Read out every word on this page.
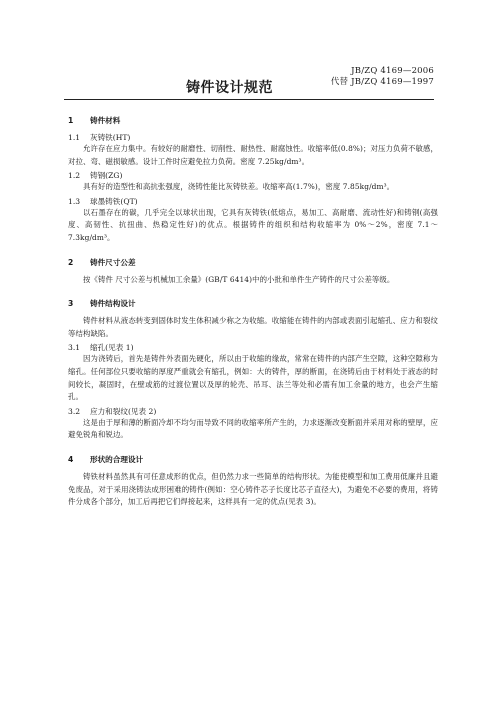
JB/ZQ 4169—2006
代替 JB/ZQ 4169—1997
铸件设计规范
1 铸件材料
1.1 灰铸铁(HT)
允许存在应力集中。有较好的耐磨性、切削性、耐热性、耐腐蚀性。收缩率低(0.8%)；对压力负荷不敏感，对拉、弯、磁损敏感。设计工件时应避免拉力负荷。密度 7.25kg/dm³。
1.2 铸钢(ZG)
具有好的造型性和高抗张强度，浇铸性能比灰铸铁差。收缩率高(1.7%)，密度 7.85kg/dm³。
1.3 球墨铸铁(QT)
以石墨存在的碳，几乎完全以球状出现，它具有灰铸铁(低熔点，易加工、高耐磨、流动性好)和铸钢(高强度、高韧性、抗扭曲、热稳定性好)的优点。根据铸件的组织和结构收缩率为 0%～2%，密度 7.1～7.3kg/dm³。
2 铸件尺寸公差
按《铸件 尺寸公差与机械加工余量》(GB/T 6414)中的小批和单件生产铸件的尺寸公差等级。
3 铸件结构设计
铸件材料从液态转变到固体时发生体积减少称之为收缩。收缩能在铸件的内部或表面引起缩孔、应力和裂纹等结构缺陷。
3.1 缩孔(见表 1)
因为浇铸后，首先是铸件外表面先硬化，所以由于收缩的缘故，常常在铸件的内部产生空隙，这种空隙称为缩孔。任何部位只要收缩的厚度严重就会有缩孔，例如：大的铸件，厚的断面，在浇铸后由于材料处于液态的时间较长，凝固时，在壁或筋的过渡位置以及厚的轮壳、吊耳、法兰等处和必需有加工余量的地方，也会产生缩孔。
3.2 应力和裂纹(见表 2)
这是由于厚和薄的断面冷却不均匀而导致不同的收缩率所产生的，力求逐渐改变断面并采用对称的壁厚，应避免锐角和锐边。
4 形状的合理设计
铸铁材料虽然具有可任意成形的优点，但仍然力求一些简单的结构形状。为能使模型和加工费用低廉并且避免废品，对于采用浇铸法成形困难的铸件(例如：空心铸件芯子长度比芯子直径大)，为避免不必要的费用，将铸件分成各个部分，加工后再把它们焊接起来，这样具有一定的优点(见表 3)。
